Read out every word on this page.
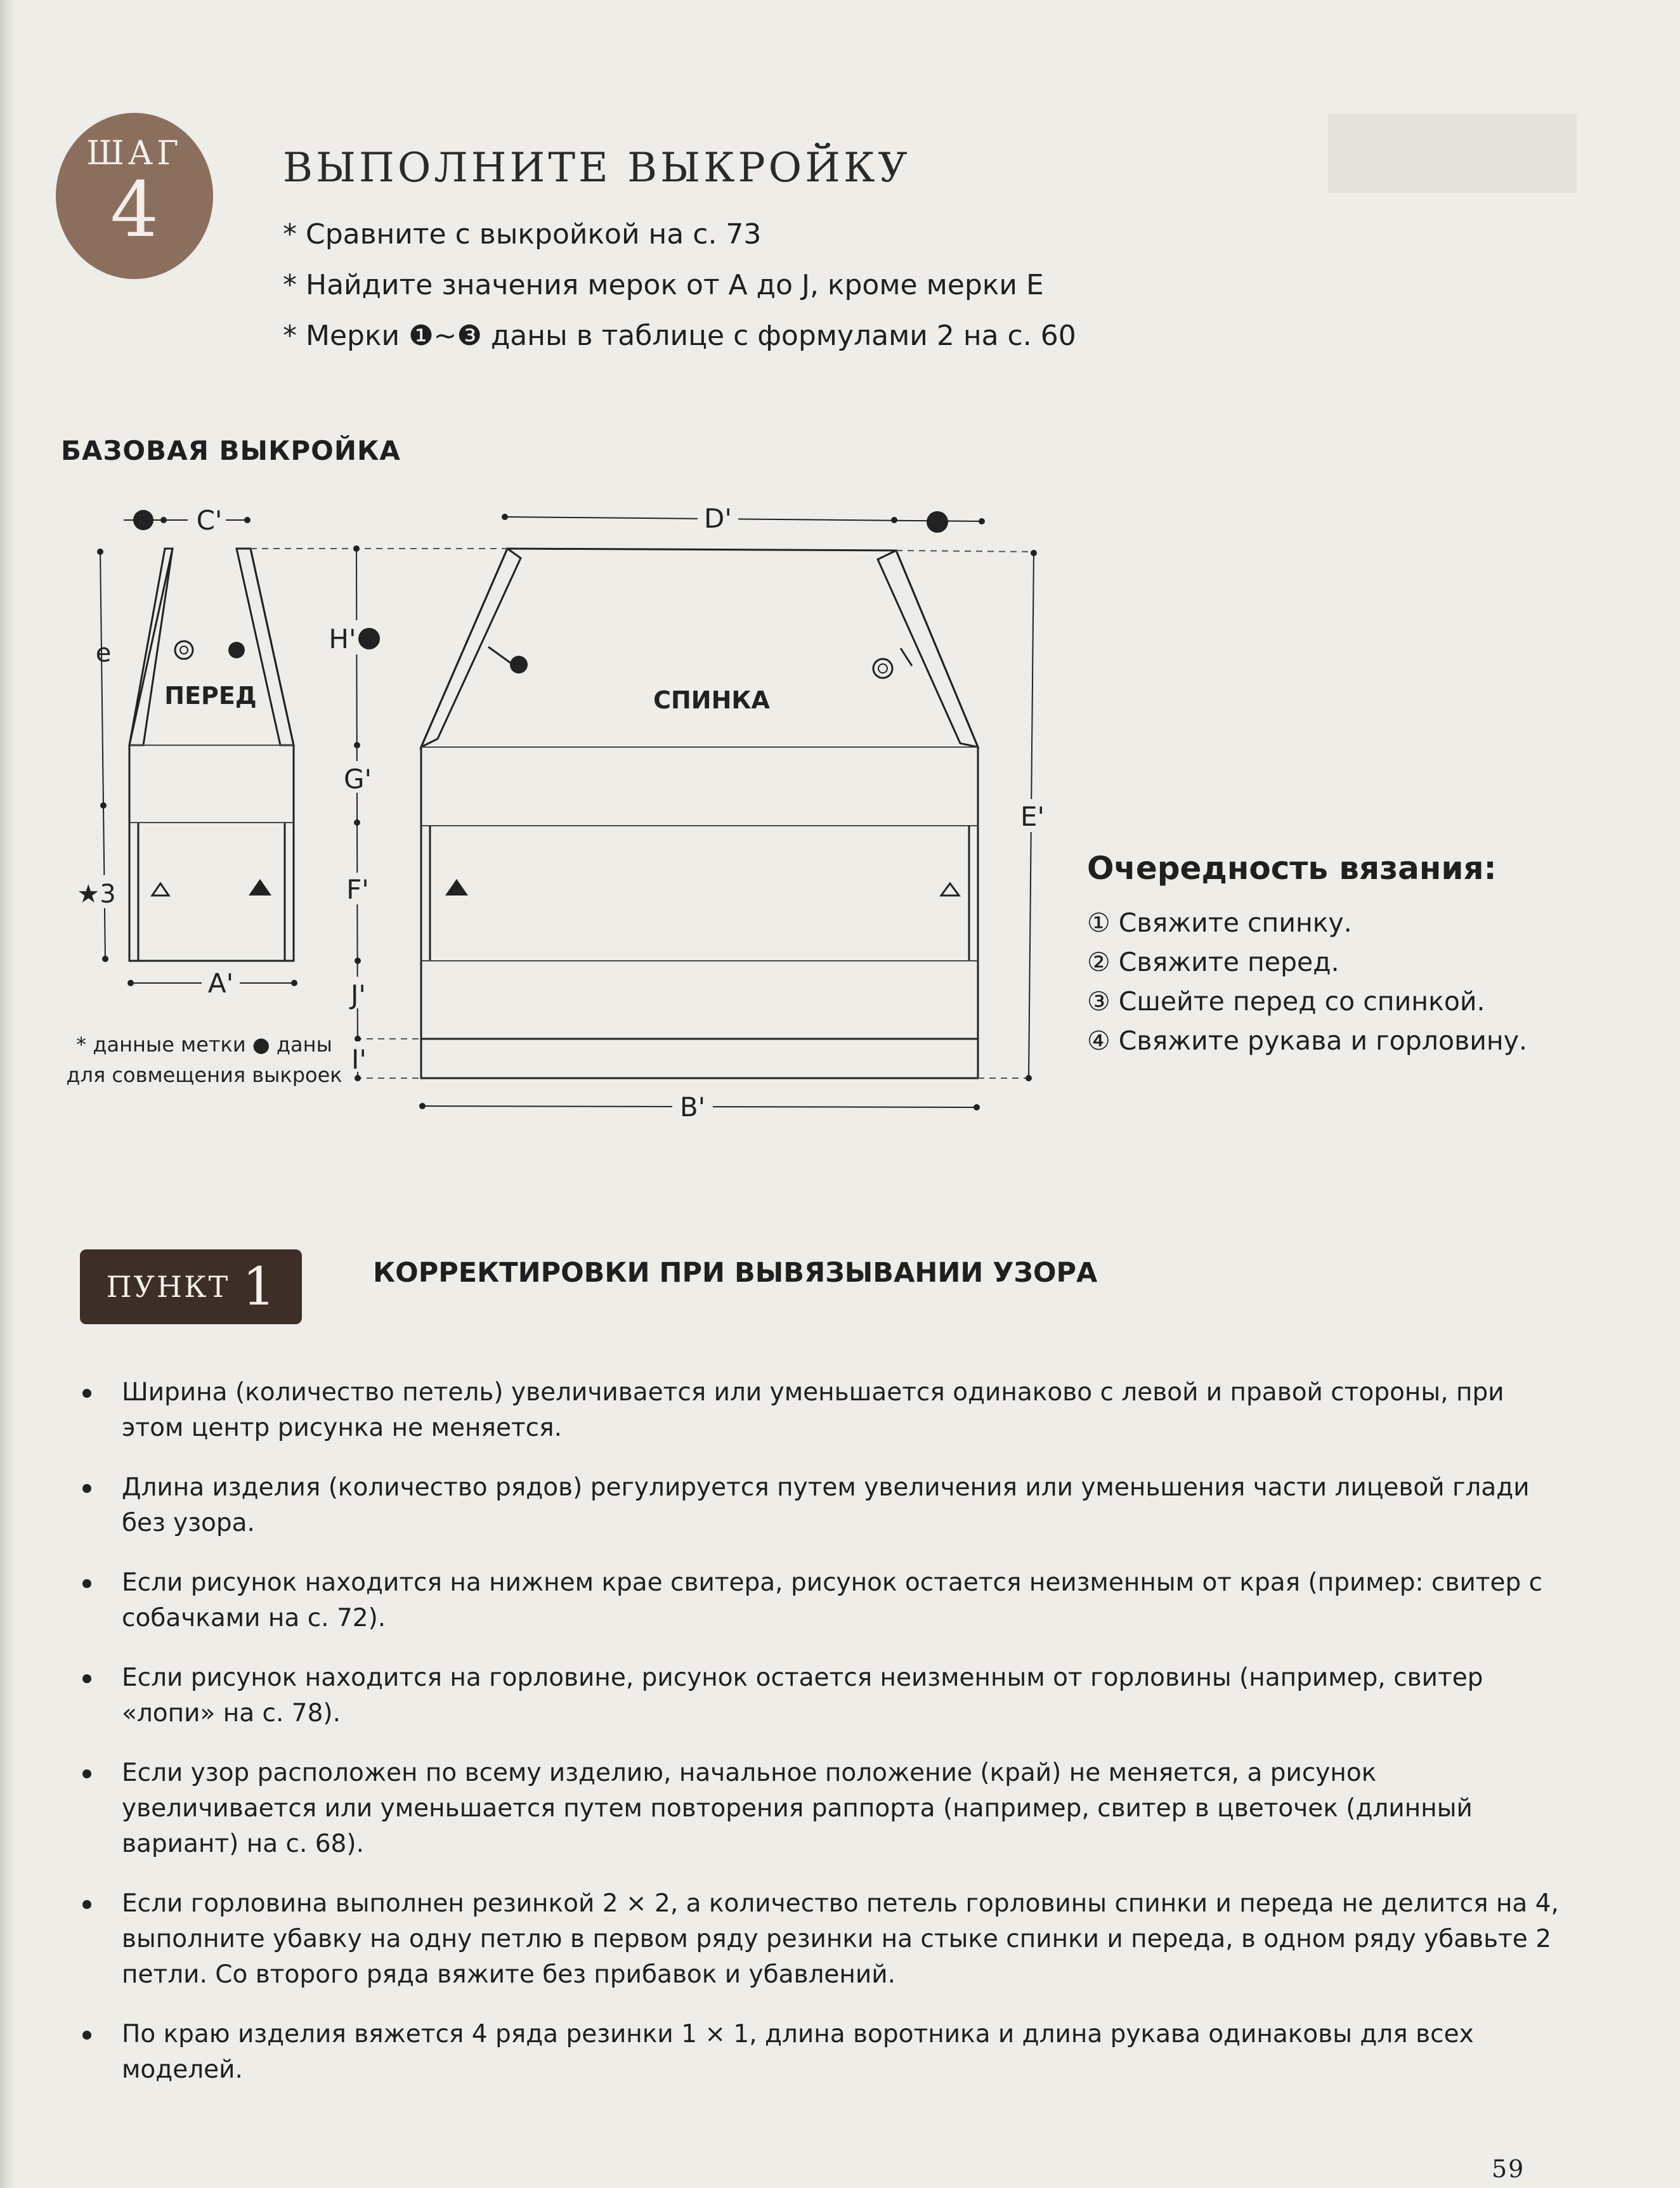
ШАГ
4	ВЫПОЛНИТЕ ВЫКРОЙКУ
* Сравните с выкройкой на с. 73
* Найдите значения мерок от A до J, кроме мерки E
* Мерки ❶~❸ даны в таблице с формулами 2 на с. 60
БАЗОВАЯ ВЫКРОЙКА
ПЕРЕД	СПИНКА
e
★3
❸ C'	D'	❷
H' ❶
G'
F'
J'
I'
E'
A'
B'
* данные метки ● даны
для совмещения выкроек
Очередность вязания:
① Свяжите спинку.
② Свяжите перед.
③ Сшейте перед со спинкой.
④ Свяжите рукава и горловину.
ПУНКТ 1	КОРРЕКТИРОВКИ ПРИ ВЫВЯЗЫВАНИИ УЗОРА
Ширина (количество петель) увеличивается или уменьшается одинаково с левой и правой стороны, при этом центр рисунка не меняется.
Длина изделия (количество рядов) регулируется путем увеличения или уменьшения части лицевой глади без узора.
Если рисунок находится на нижнем крае свитера, рисунок остается неизменным от края (пример: свитер с собачками на с. 72).
Если рисунок находится на горловине, рисунок остается неизменным от горловины (например, свитер «лопи» на с. 78).
Если узор расположен по всему изделию, начальное положение (край) не меняется, а рисунок увеличивается или уменьшается путем повторения раппорта (например, свитер в цветочек (длинный вариант) на с. 68).
Если горловина выполнен резинкой 2 × 2, а количество петель горловины спинки и переда не делится на 4, выполните убавку на одну петлю в первом ряду резинки на стыке спинки и переда, в одном ряду убавьте 2 петли. Со второго ряда вяжите без прибавок и убавлений.
По краю изделия вяжется 4 ряда резинки 1 × 1, длина воротника и длина рукава одинаковы для всех моделей.
59
